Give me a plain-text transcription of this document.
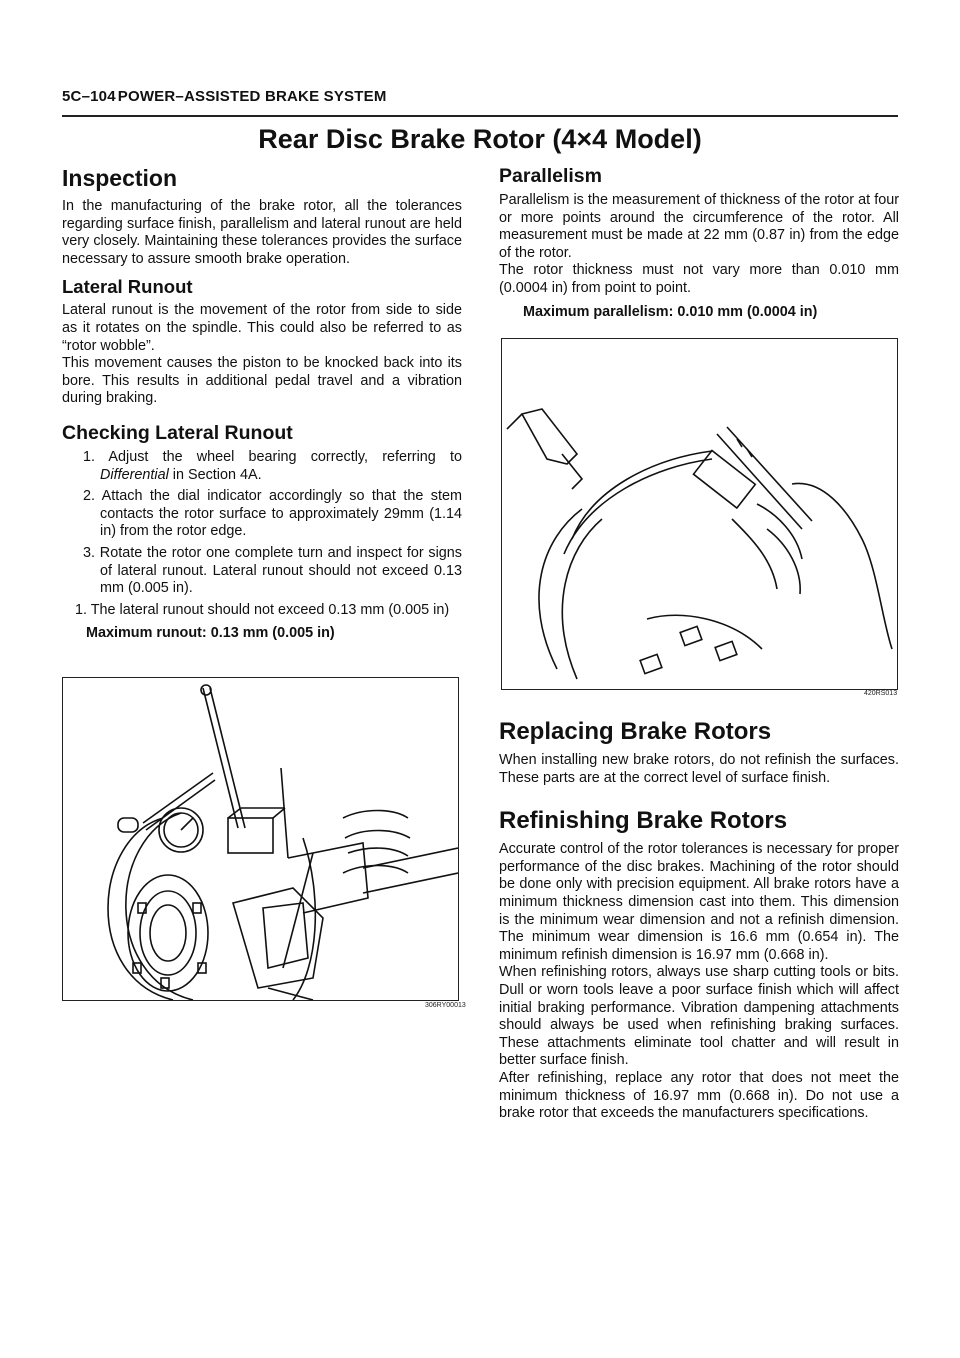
5C–104 POWER–ASSISTED BRAKE SYSTEM
Rear Disc Brake Rotor (4×4 Model)
Inspection

In the manufacturing of the brake rotor, all the tolerances regarding surface finish, parallelism and lateral runout are held very closely. Maintaining these tolerances provides the surface necessary to assure smooth brake operation.

Lateral Runout

Lateral runout is the movement of the rotor from side to side as it rotates on the spindle. This could also be referred to as “rotor wobble”.

This movement causes the piston to be knocked back into its bore. This results in additional pedal travel and a vibration during braking.

Checking Lateral Runout
1. Adjust the wheel bearing correctly, referring to Differential in Section 4A.
2. Attach the dial indicator accordingly so that the stem contacts the rotor surface to approximately 29mm (1.14 in) from the rotor edge.
3. Rotate the rotor one complete turn and inspect for signs of lateral runout. Lateral runout should not exceed 0.13 mm (0.005 in).
1. The lateral runout should not exceed 0.13 mm (0.005 in)
Maximum runout: 0.13 mm (0.005 in)
306RY00013
Parallelism

Parallelism is the measurement of thickness of the rotor at four or more points around the circumference of the rotor. All measurement must be made at 22 mm (0.87 in) from the edge of the rotor.

The rotor thickness must not vary more than 0.010 mm (0.0004 in) from point to point.

Maximum parallelism: 0.010 mm (0.0004 in)
420RS013
Replacing Brake Rotors

When installing new brake rotors, do not refinish the surfaces. These parts are at the correct level of surface finish.

Refinishing Brake Rotors

Accurate control of the rotor tolerances is necessary for proper performance of the disc brakes. Machining of the rotor should be done only with precision equipment. All brake rotors have a minimum thickness dimension cast into them. This dimension is the minimum wear dimension and not a refinish dimension. The minimum wear dimension is 16.6 mm (0.654 in). The minimum refinish dimension is 16.97 mm (0.668 in).

When refinishing rotors, always use sharp cutting tools or bits. Dull or worn tools leave a poor surface finish which will affect initial braking performance. Vibration dampening attachments should always be used when refinishing braking surfaces. These attachments eliminate tool chatter and will result in better surface finish.

After refinishing, replace any rotor that does not meet the minimum thickness of 16.97 mm (0.668 in). Do not use a brake rotor that exceeds the manufacturers specifications.
